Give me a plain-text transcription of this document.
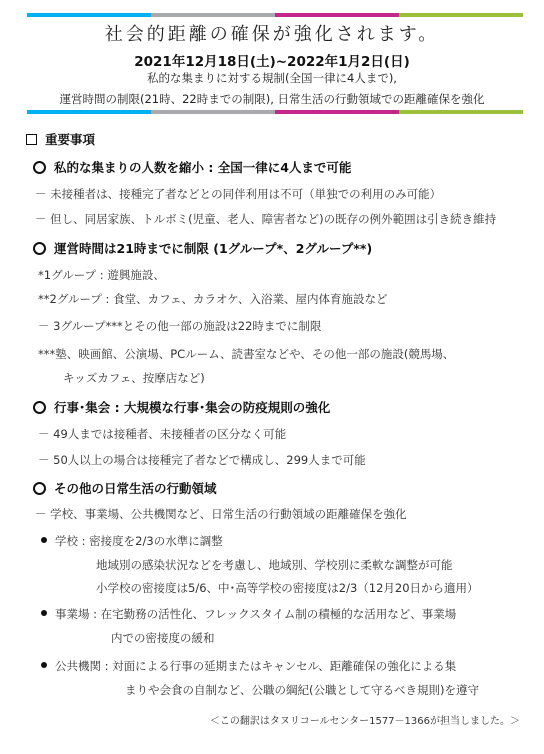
社会的距離の確保が強化されます。
2021年12月18日(土)~2022年1月2日(日)
私的な集まりに対する規制(全国一律に4人まで),
運営時間の制限(21時、22時までの制限), 日常生活の行動領域での距離確保を強化
重要事項
私的な集まりの人数を縮小 : 全国一律に4人まで可能
－ 未接種者は、接種完了者などとの同伴利用は不可（単独での利用のみ可能）
－ 但し、同居家族、トルボミ(児童、老人、障害者など)の既存の例外範囲は引き続き維持
運営時間は21時までに制限 (1グループ*、2グループ**)
*1グループ : 遊興施設、
**2グループ : 食堂、カフェ、カラオケ、入浴業、屋内体育施設など
－ 3グループ***とその他一部の施設は22時までに制限
***塾、映画館、公演場、PCルーム、読書室などや、その他一部の施設(競馬場、
キッズカフェ、按摩店など)
行事･集会 : 大規模な行事･集会の防疫規則の強化
－ 49人までは接種者、未接種者の区分なく可能
－ 50人以上の場合は接種完了者などで構成し、299人まで可能
その他の日常生活の行動領域
－ 学校、事業場、公共機関など、日常生活の行動領域の距離確保を強化
学校 : 密接度を2/3の水準に調整
地域別の感染状況などを考慮し、地域別、学校別に柔軟な調整が可能
小学校の密接度は5/6、中･高等学校の密接度は2/3（12月20日から適用）
事業場 : 在宅勤務の活性化、フレックスタイム制の積極的な活用など、事業場
内での密接度の緩和
公共機関 : 対面による行事の延期またはキャンセル、距離確保の強化による集
まりや会食の自制など、公職の綱紀(公職として守るべき規則)を遵守
＜この翻訳はタヌリコールセンター1577－1366が担当しました。＞
